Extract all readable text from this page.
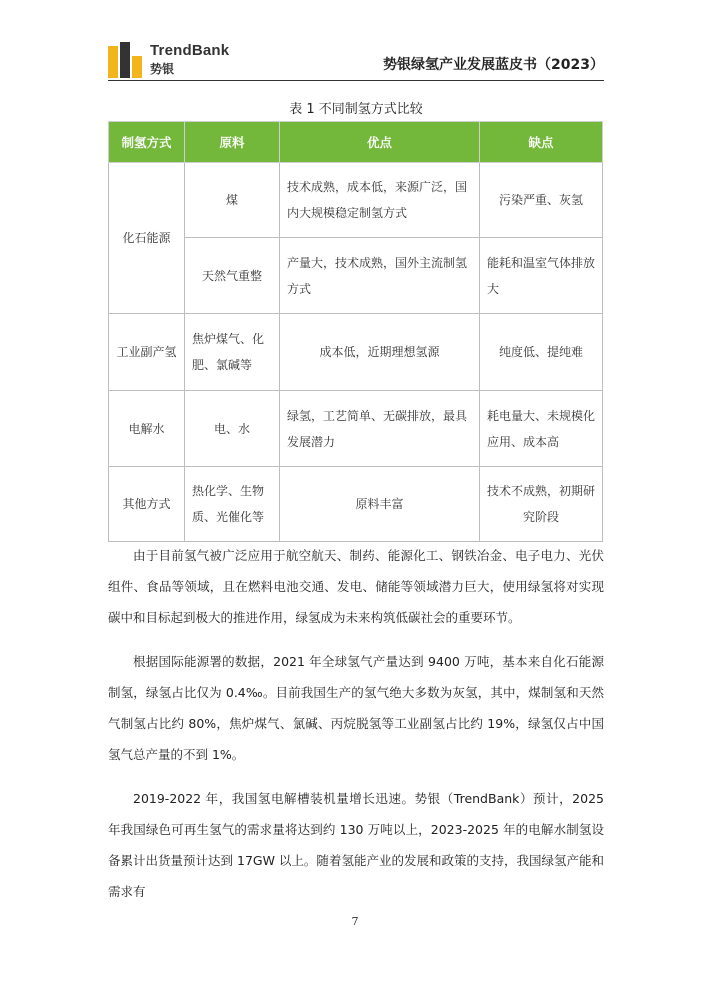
TrendBank
势银	势银绿氢产业发展蓝皮书（2023）
表 1 不同制氢方式比较
制氢方式	原料	优点	缺点
化石能源	煤	技术成熟，成本低，来源广泛，国内大规模稳定制氢方式	污染严重、灰氢
	天然气重整	产量大，技术成熟，国外主流制氢方式	能耗和温室气体排放大
工业副产氢	焦炉煤气、化肥、氯碱等	成本低，近期理想氢源	纯度低、提纯难
电解水	电、水	绿氢，工艺简单、无碳排放，最具发展潜力	耗电量大、未规模化应用、成本高
其他方式	热化学、生物质、光催化等	原料丰富	技术不成熟，初期研究阶段

由于目前氢气被广泛应用于航空航天、制药、能源化工、钢铁冶金、电子电力、光伏组件、食品等领域，且在燃料电池交通、发电、储能等领域潜力巨大，使用绿氢将对实现碳中和目标起到极大的推进作用，绿氢成为未来构筑低碳社会的重要环节。

根据国际能源署的数据，2021 年全球氢气产量达到 9400 万吨，基本来自化石能源制氢，绿氢占比仅为 0.4‰。目前我国生产的氢气绝大多数为灰氢，其中，煤制氢和天然气制氢占比约 80%，焦炉煤气、氯碱、丙烷脱氢等工业副氢占比约 19%，绿氢仅占中国氢气总产量的不到 1%。

2019-2022 年，我国氢电解槽装机量增长迅速。势银（TrendBank）预计，2025 年我国绿色可再生氢气的需求量将达到约 130 万吨以上，2023-2025 年的电解水制氢设备累计出货量预计达到 17GW 以上。随着氢能产业的发展和政策的支持，我国绿氢产能和需求有

7
